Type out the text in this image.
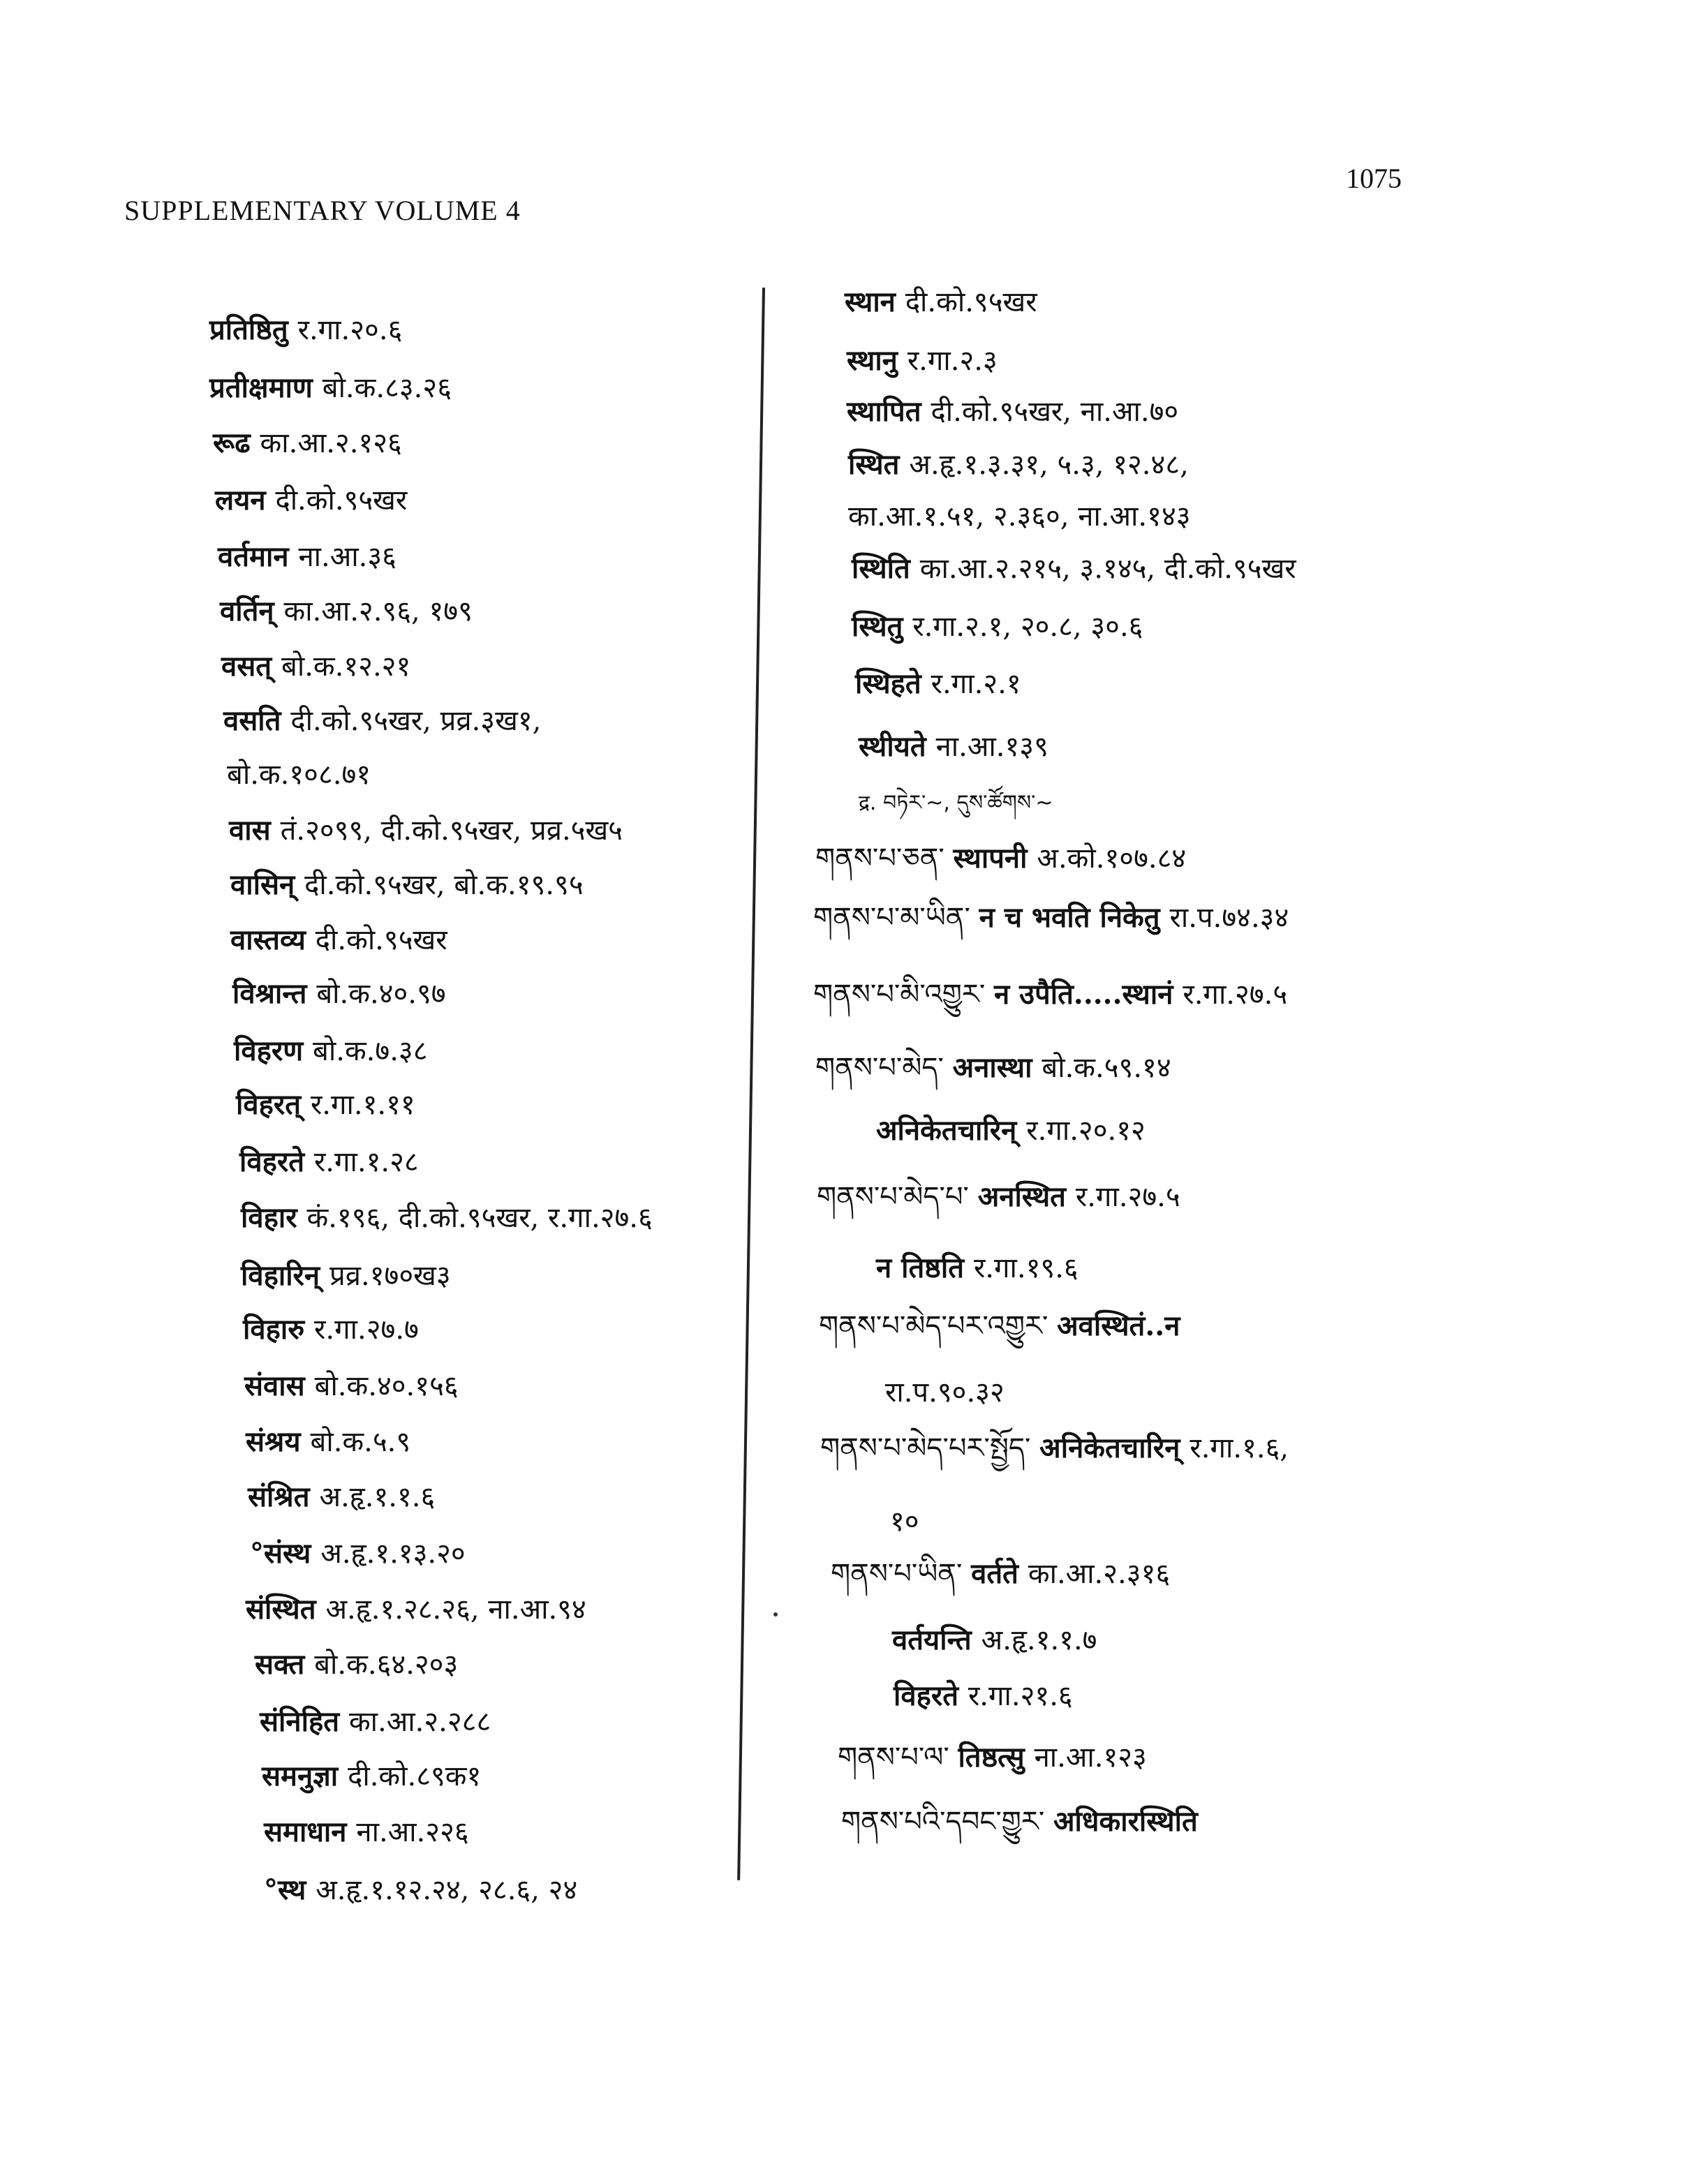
SUPPLEMENTARY VOLUME 4
1075
प्रतिष्ठितु र.गा.२०.६
प्रतीक्षमाण बो.क.८३.२६
रूढ का.आ.२.१२६
लयन दी.को.९५खर
वर्तमान ना.आ.३६
वर्तिन् का.आ.२.९६, १७९
वसत् बो.क.१२.२१
वसति दी.को.९५खर, प्रव्र.३ख१,
बो.क.१०८.७१
वास तं.२०९९, दी.को.९५खर, प्रव्र.५ख५
वासिन् दी.को.९५खर, बो.क.१९.९५
वास्तव्य दी.को.९५खर
विश्रान्त बो.क.४०.९७
विहरण बो.क.७.३८
विहरत् र.गा.१.११
विहरते र.गा.१.२८
विहार कं.१९६, दी.को.९५खर, र.गा.२७.६
विहारिन् प्रव्र.१७०ख३
विहारु र.गा.२७.७
संवास बो.क.४०.१५६
संश्रय बो.क.५.९
संश्रित अ.हृ.१.१.६
°संस्थ अ.हृ.१.१३.२०
संस्थित अ.हृ.१.२८.२६, ना.आ.९४
सक्त बो.क.६४.२०३
संनिहित का.आ.२.२८८
समनुज्ञा दी.को.८९क१
समाधान ना.आ.२२६
°स्थ अ.हृ.१.१२.२४, २८.६, २४
स्थान दी.को.९५खर
स्थानु र.गा.२.३
स्थापित दी.को.९५खर, ना.आ.७०
स्थित अ.हृ.१.३.३१, ५.३, १२.४८,
का.आ.१.५१, २.३६०, ना.आ.१४३
स्थिति का.आ.२.२१५, ३.१४५, दी.को.९५खर
स्थितु र.गा.२.१, २०.८, ३०.६
स्थिहते र.गा.२.१
स्थीयते ना.आ.१३९
द्र. བཏེར་~, དུས་ཚོགས་~
གནས་པ་ཅན་ स्थापनी अ.को.१०७.८४
གནས་པ་མ་ཡིན་ न च भवति निकेतु रा.प.७४.३४
གནས་པ་མི་འགྱུར་ न उपैति.....स्थानं र.गा.२७.५
གནས་པ་མེད་ अनास्था बो.क.५९.१४
अनिकेतचारिन् र.गा.२०.१२
གནས་པ་མེད་པ་ अनस्थित र.गा.२७.५
न तिष्ठति र.गा.१९.६
གནས་པ་མེད་པར་འགྱུར་ अवस्थितं..न
रा.प.९०.३२
གནས་པ་མེད་པར་སྤྱོད་ अनिकेतचारिन् र.गा.१.६,
१०
གནས་པ་ཡིན་ वर्तते का.आ.२.३१६
वर्तयन्ति अ.हृ.१.१.७
विहरते र.गा.२१.६
གནས་པ་ལ་ तिष्ठत्सु ना.आ.१२३
གནས་པའི་དབང་གྱུར་ अधिकारस्थिति
